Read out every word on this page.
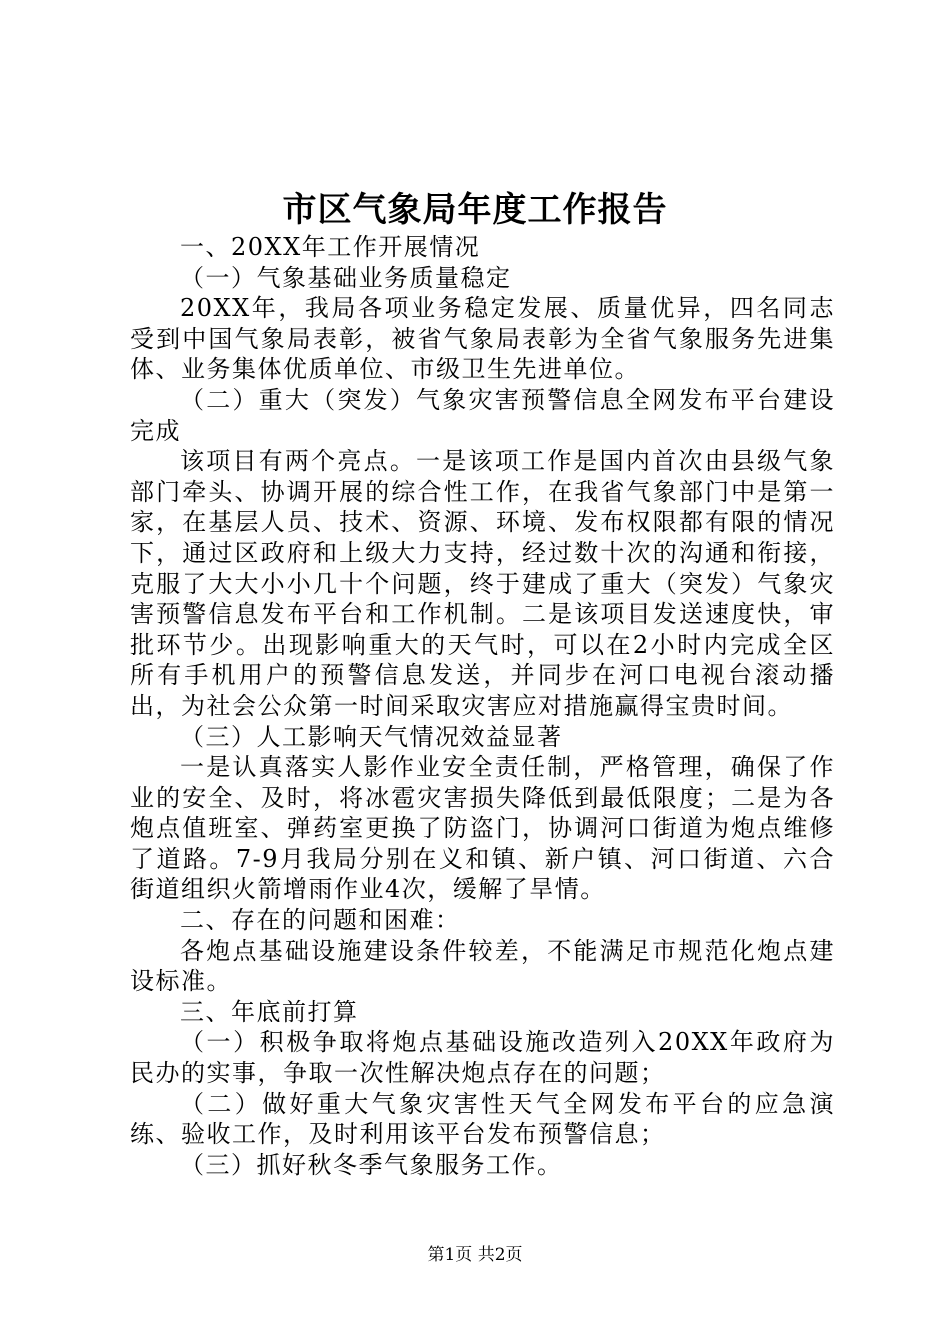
市区气象局年度工作报告

一、20XX年工作开展情况

（一）气象基础业务质量稳定

20XX年，我局各项业务稳定发展、质量优异，四名同志受到中国气象局表彰，被省气象局表彰为全省气象服务先进集体、业务集体优质单位、市级卫生先进单位。

（二）重大（突发）气象灾害预警信息全网发布平台建设完成

该项目有两个亮点。一是该项工作是国内首次由县级气象部门牵头、协调开展的综合性工作，在我省气象部门中是第一家，在基层人员、技术、资源、环境、发布权限都有限的情况下，通过区政府和上级大力支持，经过数十次的沟通和衔接，克服了大大小小几十个问题，终于建成了重大（突发）气象灾害预警信息发布平台和工作机制。二是该项目发送速度快，审批环节少。出现影响重大的天气时，可以在2小时内完成全区所有手机用户的预警信息发送，并同步在河口电视台滚动播出，为社会公众第一时间采取灾害应对措施赢得宝贵时间。

（三）人工影响天气情况效益显著

一是认真落实人影作业安全责任制，严格管理，确保了作业的安全、及时，将冰雹灾害损失降低到最低限度；二是为各炮点值班室、弹药室更换了防盗门，协调河口街道为炮点维修了道路。7-9月我局分别在义和镇、新户镇、河口街道、六合街道组织火箭增雨作业4次，缓解了旱情。

二、存在的问题和困难：

各炮点基础设施建设条件较差，不能满足市规范化炮点建设标准。

三、年底前打算

（一）积极争取将炮点基础设施改造列入20XX年政府为民办的实事，争取一次性解决炮点存在的问题；

（二）做好重大气象灾害性天气全网发布平台的应急演练、验收工作，及时利用该平台发布预警信息；

（三）抓好秋冬季气象服务工作。

第1页 共2页
